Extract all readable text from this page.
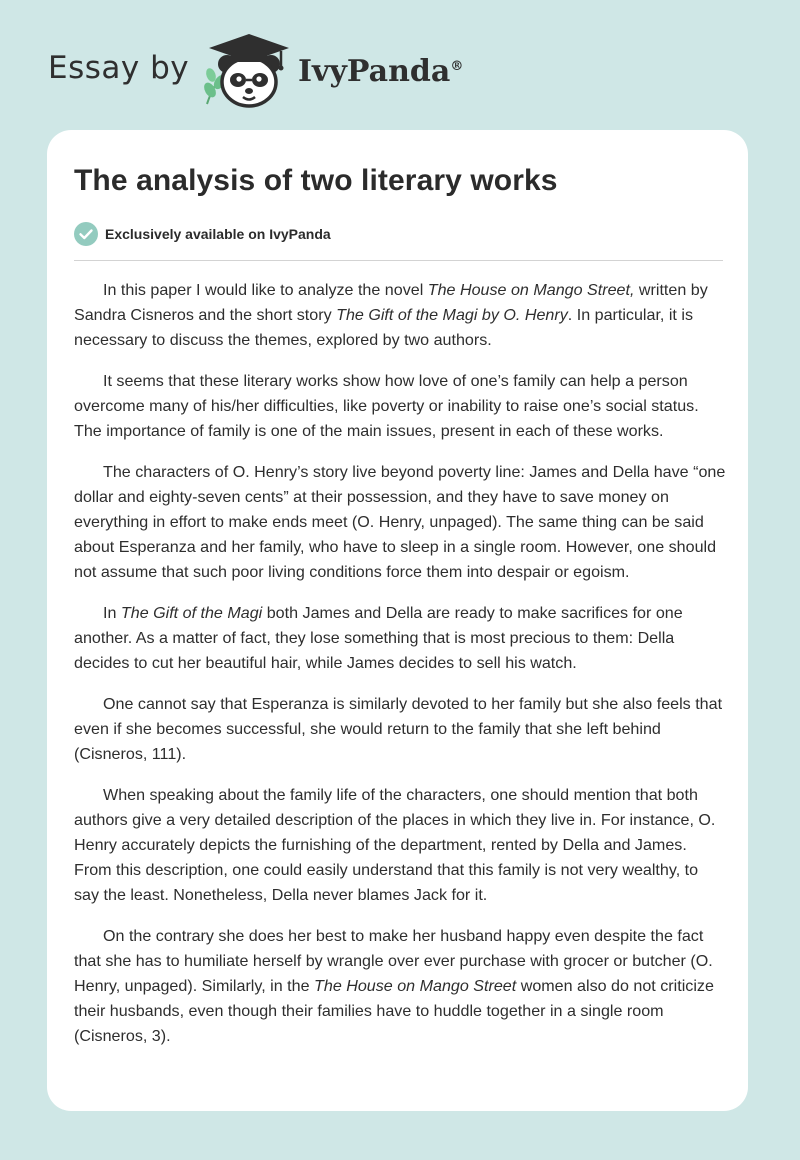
Essay by	IvyPanda®
The analysis of two literary works
Exclusively available on IvyPanda

In this paper I would like to analyze the novel The House on Mango Street, written by Sandra Cisneros and the short story The Gift of the Magi by O. Henry. In particular, it is necessary to discuss the themes, explored by two authors.

It seems that these literary works show how love of one’s family can help a person overcome many of his/her difficulties, like poverty or inability to raise one’s social status. The importance of family is one of the main issues, present in each of these works.

The characters of O. Henry’s story live beyond poverty line: James and Della have “one dollar and eighty-seven cents” at their possession, and they have to save money on everything in effort to make ends meet (O. Henry, unpaged). The same thing can be said about Esperanza and her family, who have to sleep in a single room. However, one should not assume that such poor living conditions force them into despair or egoism.

In The Gift of the Magi both James and Della are ready to make sacrifices for one another. As a matter of fact, they lose something that is most precious to them: Della decides to cut her beautiful hair, while James decides to sell his watch.

One cannot say that Esperanza is similarly devoted to her family but she also feels that even if she becomes successful, she would return to the family that she left behind (Cisneros, 111).

When speaking about the family life of the characters, one should mention that both authors give a very detailed description of the places in which they live in. For instance, O. Henry accurately depicts the furnishing of the department, rented by Della and James. From this description, one could easily understand that this family is not very wealthy, to say the least. Nonetheless, Della never blames Jack for it.

On the contrary she does her best to make her husband happy even despite the fact that she has to humiliate herself by wrangle over ever purchase with grocer or butcher (O. Henry, unpaged). Similarly, in the The House on Mango Street women also do not criticize their husbands, even though their families have to huddle together in a single room (Cisneros, 3).
